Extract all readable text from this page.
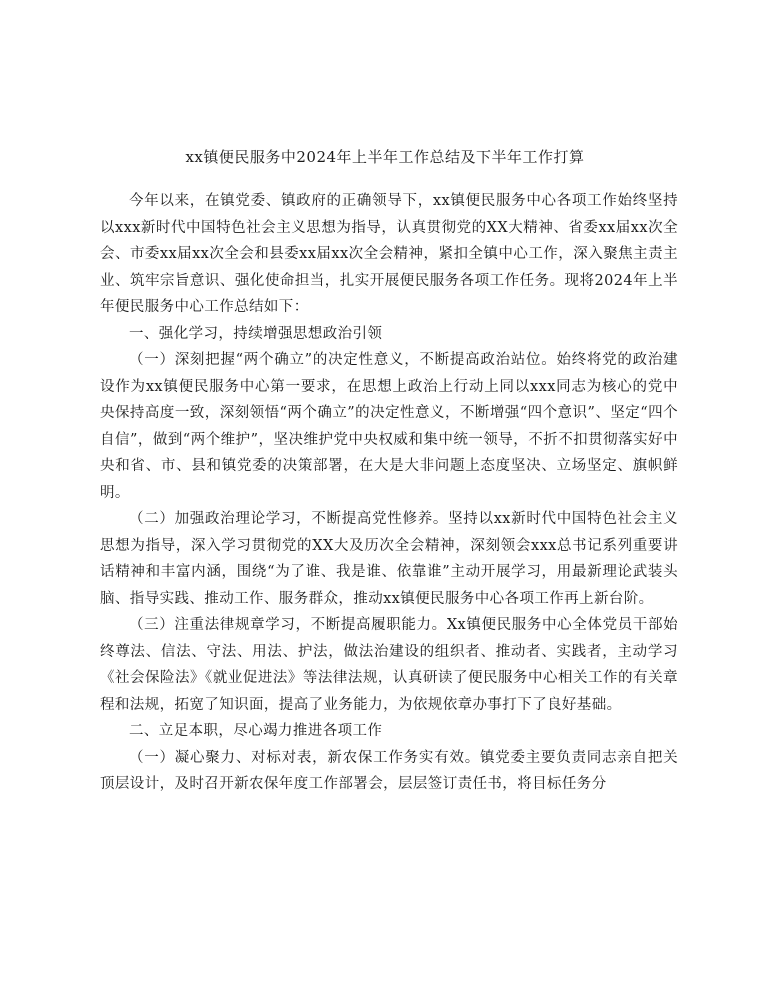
xx镇便民服务中2024年上半年工作总结及下半年工作打算

今年以来，在镇党委、镇政府的正确领导下，xx镇便民服务中心各项工作始终坚持以xxx新时代中国特色社会主义思想为指导，认真贯彻党的XX大精神、省委xx届xx次全会、市委xx届xx次全会和县委xx届xx次全会精神，紧扣全镇中心工作，深入聚焦主责主业、筑牢宗旨意识、强化使命担当，扎实开展便民服务各项工作任务。现将2024年上半年便民服务中心工作总结如下：

一、强化学习，持续增强思想政治引领

（一）深刻把握“两个确立”的决定性意义，不断提高政治站位。始终将党的政治建设作为xx镇便民服务中心第一要求，在思想上政治上行动上同以xxx同志为核心的党中央保持高度一致，深刻领悟“两个确立”的决定性意义，不断增强“四个意识”、坚定“四个自信”，做到“两个维护”，坚决维护党中央权威和集中统一领导，不折不扣贯彻落实好中央和省、市、县和镇党委的决策部署，在大是大非问题上态度坚决、立场坚定、旗帜鲜明。

（二）加强政治理论学习，不断提高党性修养。坚持以xx新时代中国特色社会主义思想为指导，深入学习贯彻党的XX大及历次全会精神，深刻领会xxx总书记系列重要讲话精神和丰富内涵，围绕“为了谁、我是谁、依靠谁”主动开展学习，用最新理论武装头脑、指导实践、推动工作、服务群众，推动xx镇便民服务中心各项工作再上新台阶。

（三）注重法律规章学习，不断提高履职能力。Xx镇便民服务中心全体党员干部始终尊法、信法、守法、用法、护法，做法治建设的组织者、推动者、实践者，主动学习《社会保险法》《就业促进法》等法律法规，认真研读了便民服务中心相关工作的有关章程和法规，拓宽了知识面，提高了业务能力，为依规依章办事打下了良好基础。

二、立足本职，尽心竭力推进各项工作

（一）凝心聚力、对标对表，新农保工作务实有效。镇党委主要负责同志亲自把关顶层设计，及时召开新农保年度工作部署会，层层签订责任书，将目标任务分
